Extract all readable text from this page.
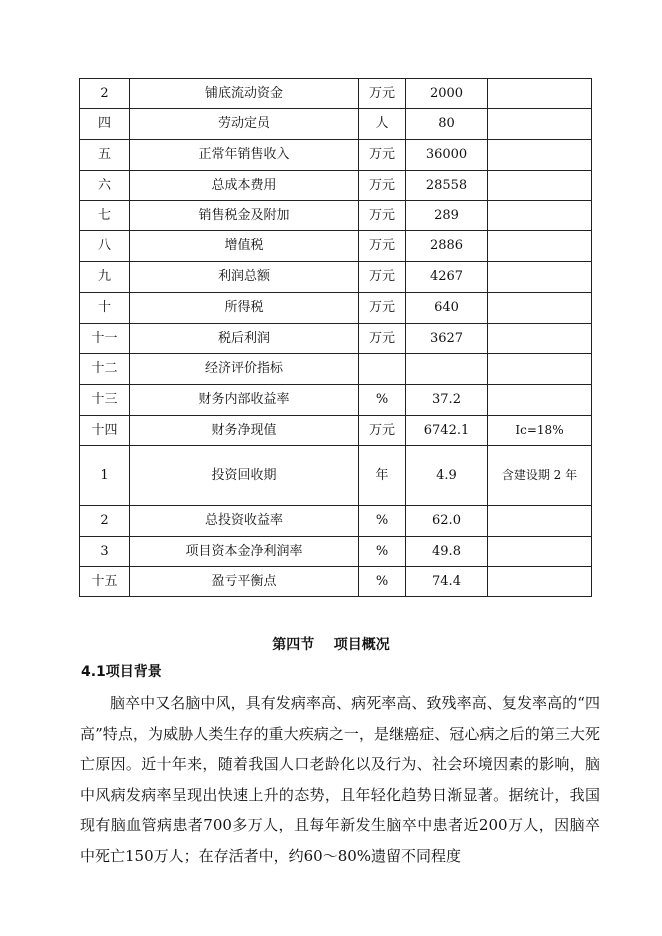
2	铺底流动资金	万元	2000	
四	劳动定员	人	80	
五	正常年销售收入	万元	36000	
六	总成本费用	万元	28558	
七	销售税金及附加	万元	289	
八	增值税	万元	2886	
九	利润总额	万元	4267	
十	所得税	万元	640	
十一	税后利润	万元	3627	
十二	经济评价指标			
十三	财务内部收益率	%	37.2	
十四	财务净现值	万元	6742.1	Ic=18%
1	投资回收期	年	4.9	含建设期 2 年
2	总投资收益率	%	62.0	
3	项目资本金净利润率	%	49.8	
十五	盈亏平衡点	%	74.4	
第四节    项目概况
4.1项目背景

脑卒中又名脑中风，具有发病率高、病死率高、致残率高、复发率高的“四高”特点，为威胁人类生存的重大疾病之一，是继癌症、冠心病之后的第三大死亡原因。近十年来，随着我国人口老龄化以及行为、社会环境因素的影响，脑中风病发病率呈现出快速上升的态势，且年轻化趋势日渐显著。据统计，我国现有脑血管病患者700多万人，且每年新发生脑卒中患者近200万人，因脑卒中死亡150万人；在存活者中，约60～80%遗留不同程度
